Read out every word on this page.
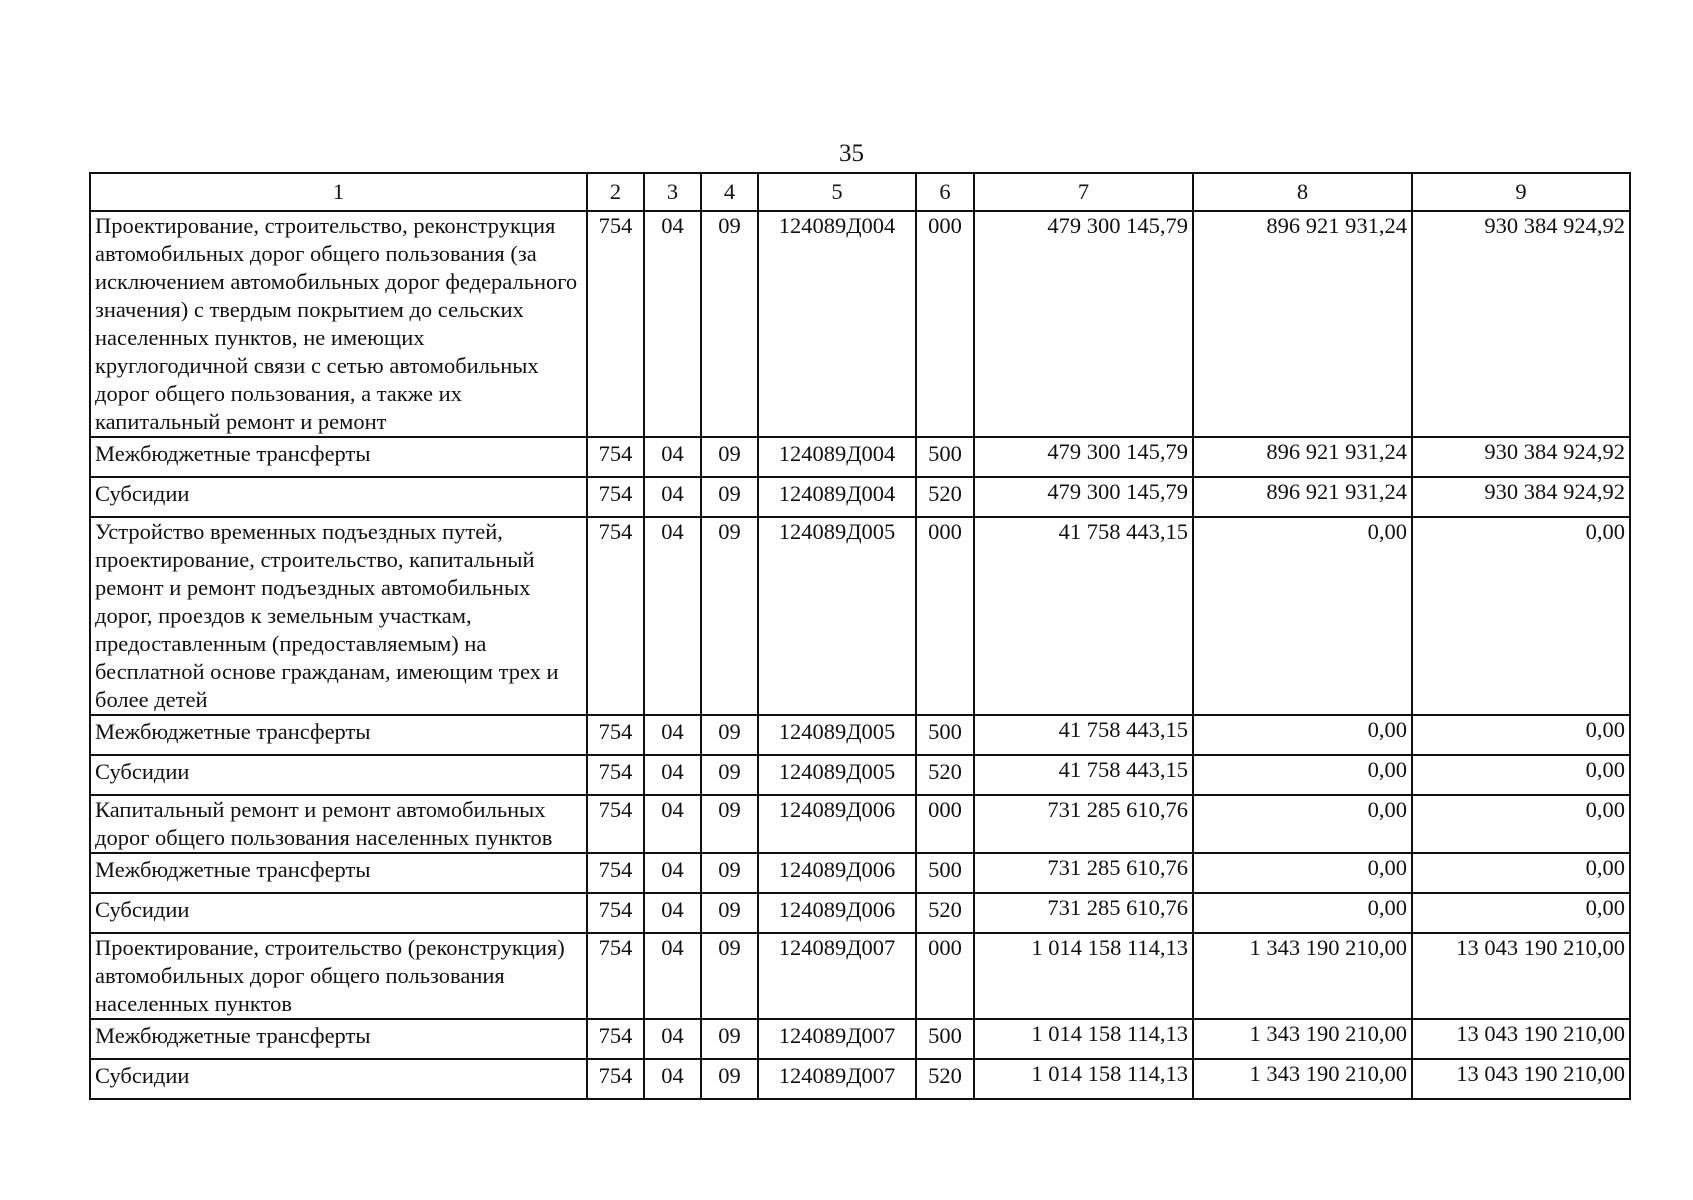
35
1	2	3	4	5	6	7	8	9
Проектирование, строительство, реконструкция автомобильных дорог общего пользования (за исключением автомобильных дорог федерального значения) с твердым покрытием до сельских населенных пунктов, не имеющих круглогодичной связи с сетью автомобильных дорог общего пользования, а также их капитальный ремонт и ремонт	754	04	09	124089Д004	000	479 300 145,79	896 921 931,24	930 384 924,92
Межбюджетные трансферты	754	04	09	124089Д004	500	479 300 145,79	896 921 931,24	930 384 924,92
Субсидии	754	04	09	124089Д004	520	479 300 145,79	896 921 931,24	930 384 924,92
Устройство временных подъездных путей, проектирование, строительство, капитальный ремонт и ремонт подъездных автомобильных дорог, проездов к земельным участкам, предоставленным (предоставляемым) на бесплатной основе гражданам, имеющим трех и более детей	754	04	09	124089Д005	000	41 758 443,15	0,00	0,00
Межбюджетные трансферты	754	04	09	124089Д005	500	41 758 443,15	0,00	0,00
Субсидии	754	04	09	124089Д005	520	41 758 443,15	0,00	0,00
Капитальный ремонт и ремонт автомобильных дорог общего пользования населенных пунктов	754	04	09	124089Д006	000	731 285 610,76	0,00	0,00
Межбюджетные трансферты	754	04	09	124089Д006	500	731 285 610,76	0,00	0,00
Субсидии	754	04	09	124089Д006	520	731 285 610,76	0,00	0,00
Проектирование, строительство (реконструкция) автомобильных дорог общего пользования населенных пунктов	754	04	09	124089Д007	000	1 014 158 114,13	1 343 190 210,00	13 043 190 210,00
Межбюджетные трансферты	754	04	09	124089Д007	500	1 014 158 114,13	1 343 190 210,00	13 043 190 210,00
Субсидии	754	04	09	124089Д007	520	1 014 158 114,13	1 343 190 210,00	13 043 190 210,00
